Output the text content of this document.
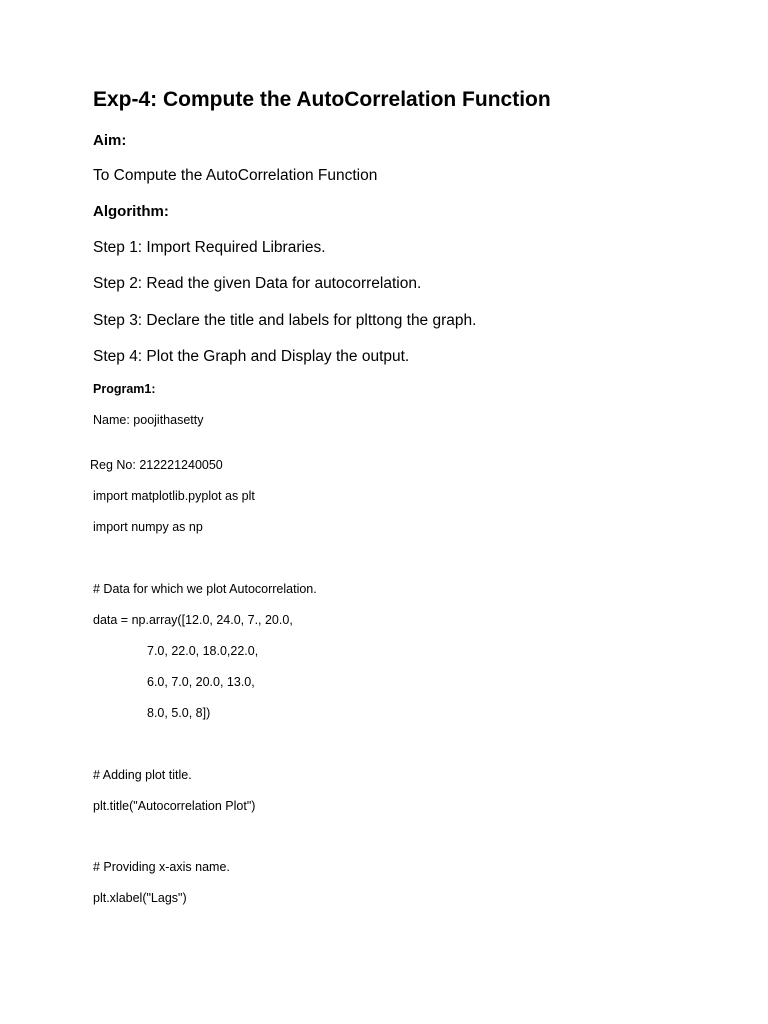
Exp-4: Compute the AutoCorrelation Function
Aim:
To Compute the AutoCorrelation Function
Algorithm:
Step 1: Import Required Libraries.
Step 2: Read the given Data for autocorrelation.
Step 3: Declare the title and labels for plttong the graph.
Step 4: Plot the Graph and Display the output.
Program1:
Name: poojithasetty
Reg No: 212221240050
import matplotlib.pyplot as plt
import numpy as np
# Data for which we plot Autocorrelation.
data = np.array([12.0, 24.0, 7., 20.0,
7.0, 22.0, 18.0,22.0,
6.0, 7.0, 20.0, 13.0,
8.0, 5.0, 8])
# Adding plot title.
plt.title("Autocorrelation Plot")
# Providing x-axis name.
plt.xlabel("Lags")
